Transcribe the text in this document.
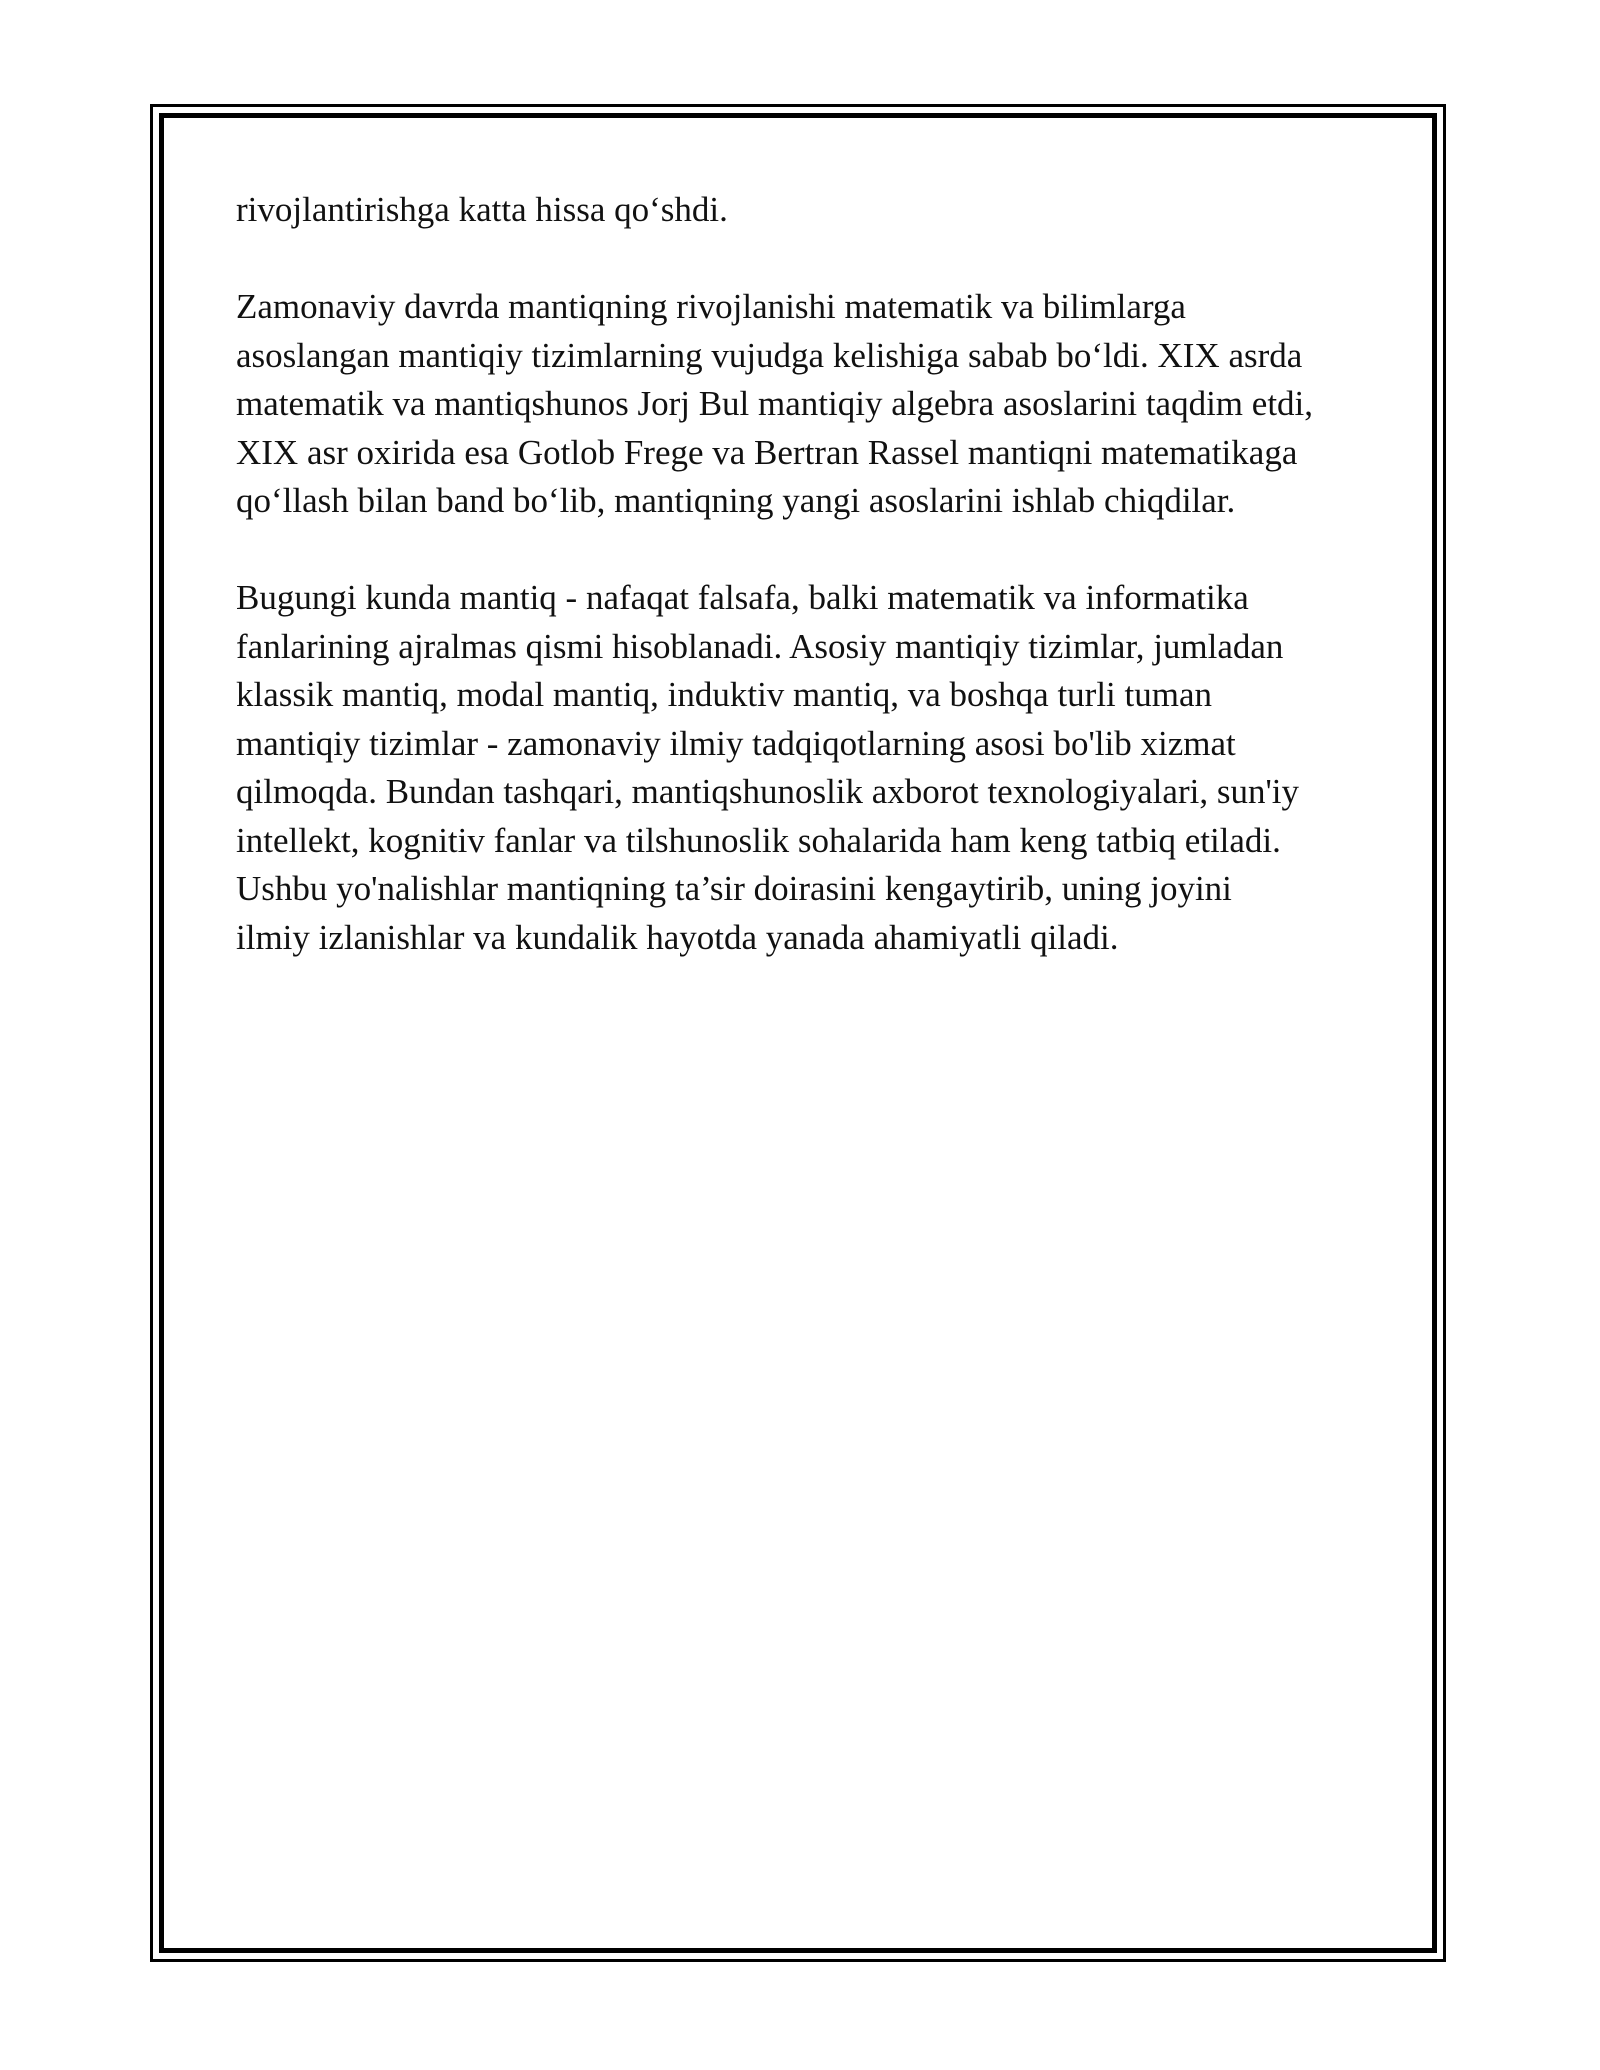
rivojlantirishga katta hissa qo‘shdi.
Zamonaviy davrda mantiqning rivojlanishi matematik va bilimlarga
asoslangan mantiqiy tizimlarning vujudga kelishiga sabab bo‘ldi. XIX asrda
matematik va mantiqshunos Jorj Bul mantiqiy algebra asoslarini taqdim etdi,
XIX asr oxirida esa Gotlob Frege va Bertran Rassel mantiqni matematikaga
qo‘llash bilan band bo‘lib, mantiqning yangi asoslarini ishlab chiqdilar.
Bugungi kunda mantiq - nafaqat falsafa, balki matematik va informatika
fanlarining ajralmas qismi hisoblanadi. Asosiy mantiqiy tizimlar, jumladan
klassik mantiq, modal mantiq, induktiv mantiq, va boshqa turli tuman
mantiqiy tizimlar - zamonaviy ilmiy tadqiqotlarning asosi bo'lib xizmat
qilmoqda. Bundan tashqari, mantiqshunoslik axborot texnologiyalari, sun'iy
intellekt, kognitiv fanlar va tilshunoslik sohalarida ham keng tatbiq etiladi.
Ushbu yo'nalishlar mantiqning ta’sir doirasini kengaytirib, uning joyini
ilmiy izlanishlar va kundalik hayotda yanada ahamiyatli qiladi.
